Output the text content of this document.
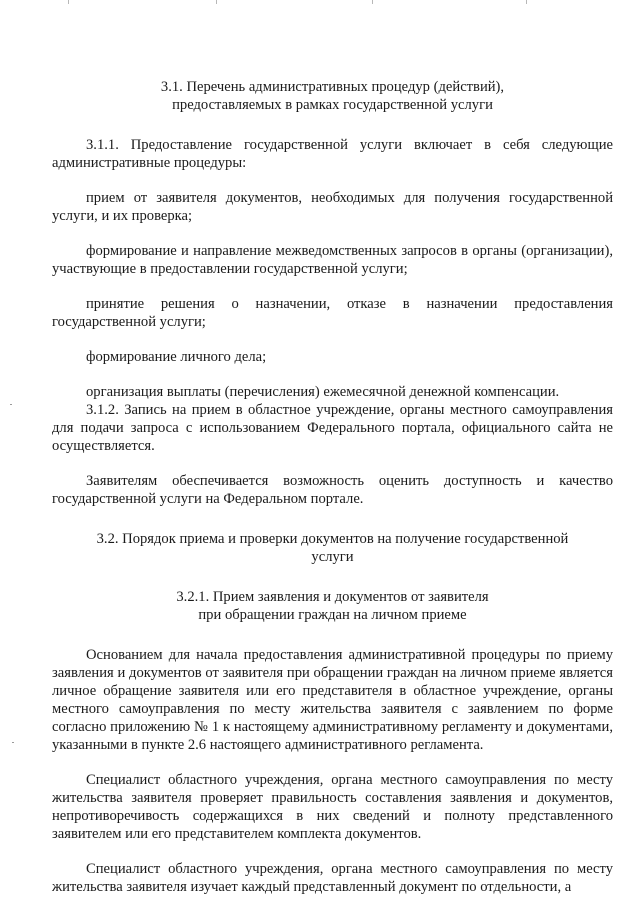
3.1. Перечень административных процедур (действий),
предоставляемых в рамках государственной услуги

3.1.1. Предоставление государственной услуги включает в себя следующие административные процедуры:

прием от заявителя документов, необходимых для получения государственной услуги, и их проверка;

формирование и направление межведомственных запросов в органы (организации), участвующие в предоставлении государственной услуги;

принятие решения о назначении, отказе в назначении предоставления государственной услуги;

формирование личного дела;

организация выплаты (перечисления) ежемесячной денежной компенсации.

3.1.2. Запись на прием в областное учреждение, органы местного самоуправления для подачи запроса с использованием Федерального портала, официального сайта не осуществляется.

Заявителям обеспечивается возможность оценить доступность и качество государственной услуги на Федеральном портале.

3.2. Порядок приема и проверки документов на получение государственной
услуги
3.2.1. Прием заявления и документов от заявителя
при обращении граждан на личном приеме

Основанием для начала предоставления административной процедуры по приему заявления и документов от заявителя при обращении граждан на личном приеме является личное обращение заявителя или его представителя в областное учреждение, органы местного самоуправления по месту жительства заявителя с заявлением по форме согласно приложению № 1 к настоящему административному регламенту и документами, указанными в пункте 2.6 настоящего административного регламента.

Специалист областного учреждения, органа местного самоуправления по месту жительства заявителя проверяет правильность составления заявления и документов, непротиворечивость содержащихся в них сведений и полноту представленного заявителем или его представителем комплекта документов.

Специалист областного учреждения, органа местного самоуправления по месту жительства заявителя изучает каждый представленный документ по отдельности, а
